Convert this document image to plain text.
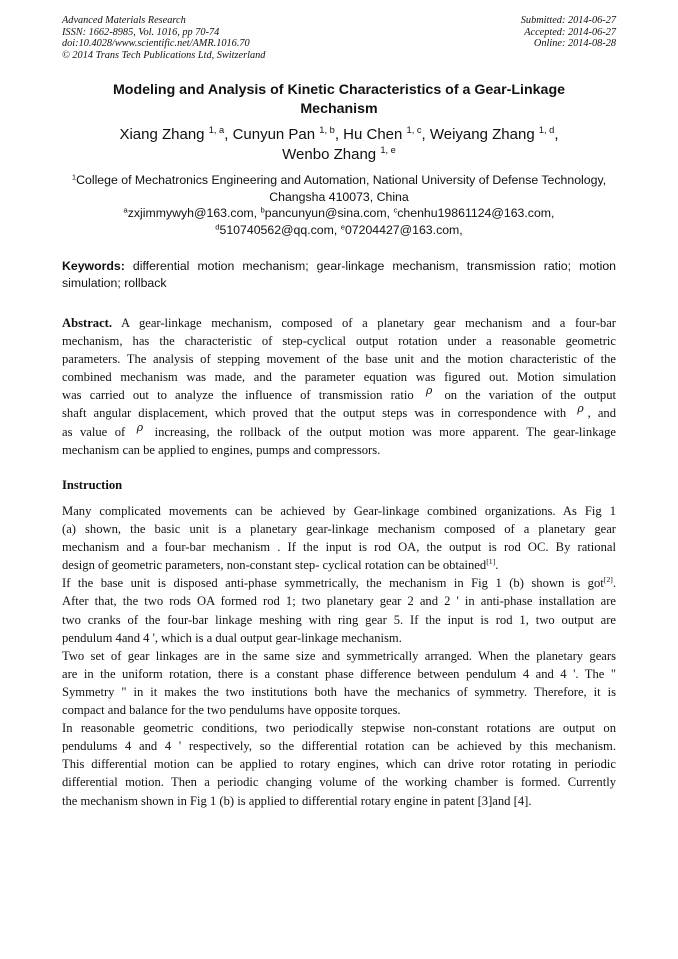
Advanced Materials Research
ISSN: 1662-8985, Vol. 1016, pp 70-74
doi:10.4028/www.scientific.net/AMR.1016.70
© 2014 Trans Tech Publications Ltd, Switzerland
Submitted: 2014-06-27
Accepted: 2014-06-27
Online: 2014-08-28
Modeling and Analysis of Kinetic Characteristics of a Gear-Linkage
Mechanism
Xiang Zhang $^{1, a}$, Cunyun Pan $^{1, b}$, Hu Chen $^{1, c}$, Weiyang Zhang $^{1, d}$,
Wenbo Zhang $^{1, e}$
$^1$College of Mechatronics Engineering and Automation, National University of Defense Technology,
Changsha 410073, China
$^a$zxjimmywyh@163.com, $^b$pancunyun@sina.com, $^c$chenhu19861124@163.com,
$^d$510740562@qq.com, $^e$07204427@163.com,
Keywords: differential motion mechanism; gear-linkage mechanism, transmission ratio; motion simulation; rollback
Abstract. A gear-linkage mechanism, composed of a planetary gear mechanism and a four-bar
mechanism, has the characteristic of step-cyclical output rotation under a reasonable geometric
parameters. The analysis of stepping movement of the base unit and the motion characteristic of the
combined mechanism was made, and the parameter equation was figured out. Motion simulation
was carried out to analyze the influence of transmission ratio ρ on the variation of the output
shaft angular displacement, which proved that the output steps was in correspondence with ρ , and
as value of ρ increasing, the rollback of the output motion was more apparent. The gear-linkage
mechanism can be applied to engines, pumps and compressors.
Instruction
Many complicated movements can be achieved by Gear-linkage combined organizations. As Fig 1
(a) shown, the basic unit is a planetary gear-linkage mechanism composed of a planetary gear
mechanism and a four-bar mechanism . If the input is rod OA, the output is rod OC. By rational
design of geometric parameters, non-constant step- cyclical rotation can be obtained[1].
If the base unit is disposed anti-phase symmetrically, the mechanism in Fig 1 (b) shown is got[2].
After that, the two rods OA formed rod 1; two planetary gear 2 and 2 ' in anti-phase installation are
two cranks of the four-bar linkage meshing with ring gear 5. If the input is rod 1, two output are
pendulum 4and 4 ', which is a dual output gear-linkage mechanism.
Two set of gear linkages are in the same size and symmetrically arranged. When the planetary gears
are in the uniform rotation, there is a constant phase difference between pendulum 4 and 4 '. The "
Symmetry " in it makes the two institutions both have the mechanics of symmetry. Therefore, it is
compact and balance for the two pendulums have opposite torques.
In reasonable geometric conditions, two periodically stepwise non-constant rotations are output on
pendulums 4 and 4 ' respectively, so the differential rotation can be achieved by this mechanism.
This differential motion can be applied to rotary engines, which can drive rotor rotating in periodic
differential motion. Then a periodic changing volume of the working chamber is formed. Currently
the mechanism shown in Fig 1 (b) is applied to differential rotary engine in patent [3]and [4].
